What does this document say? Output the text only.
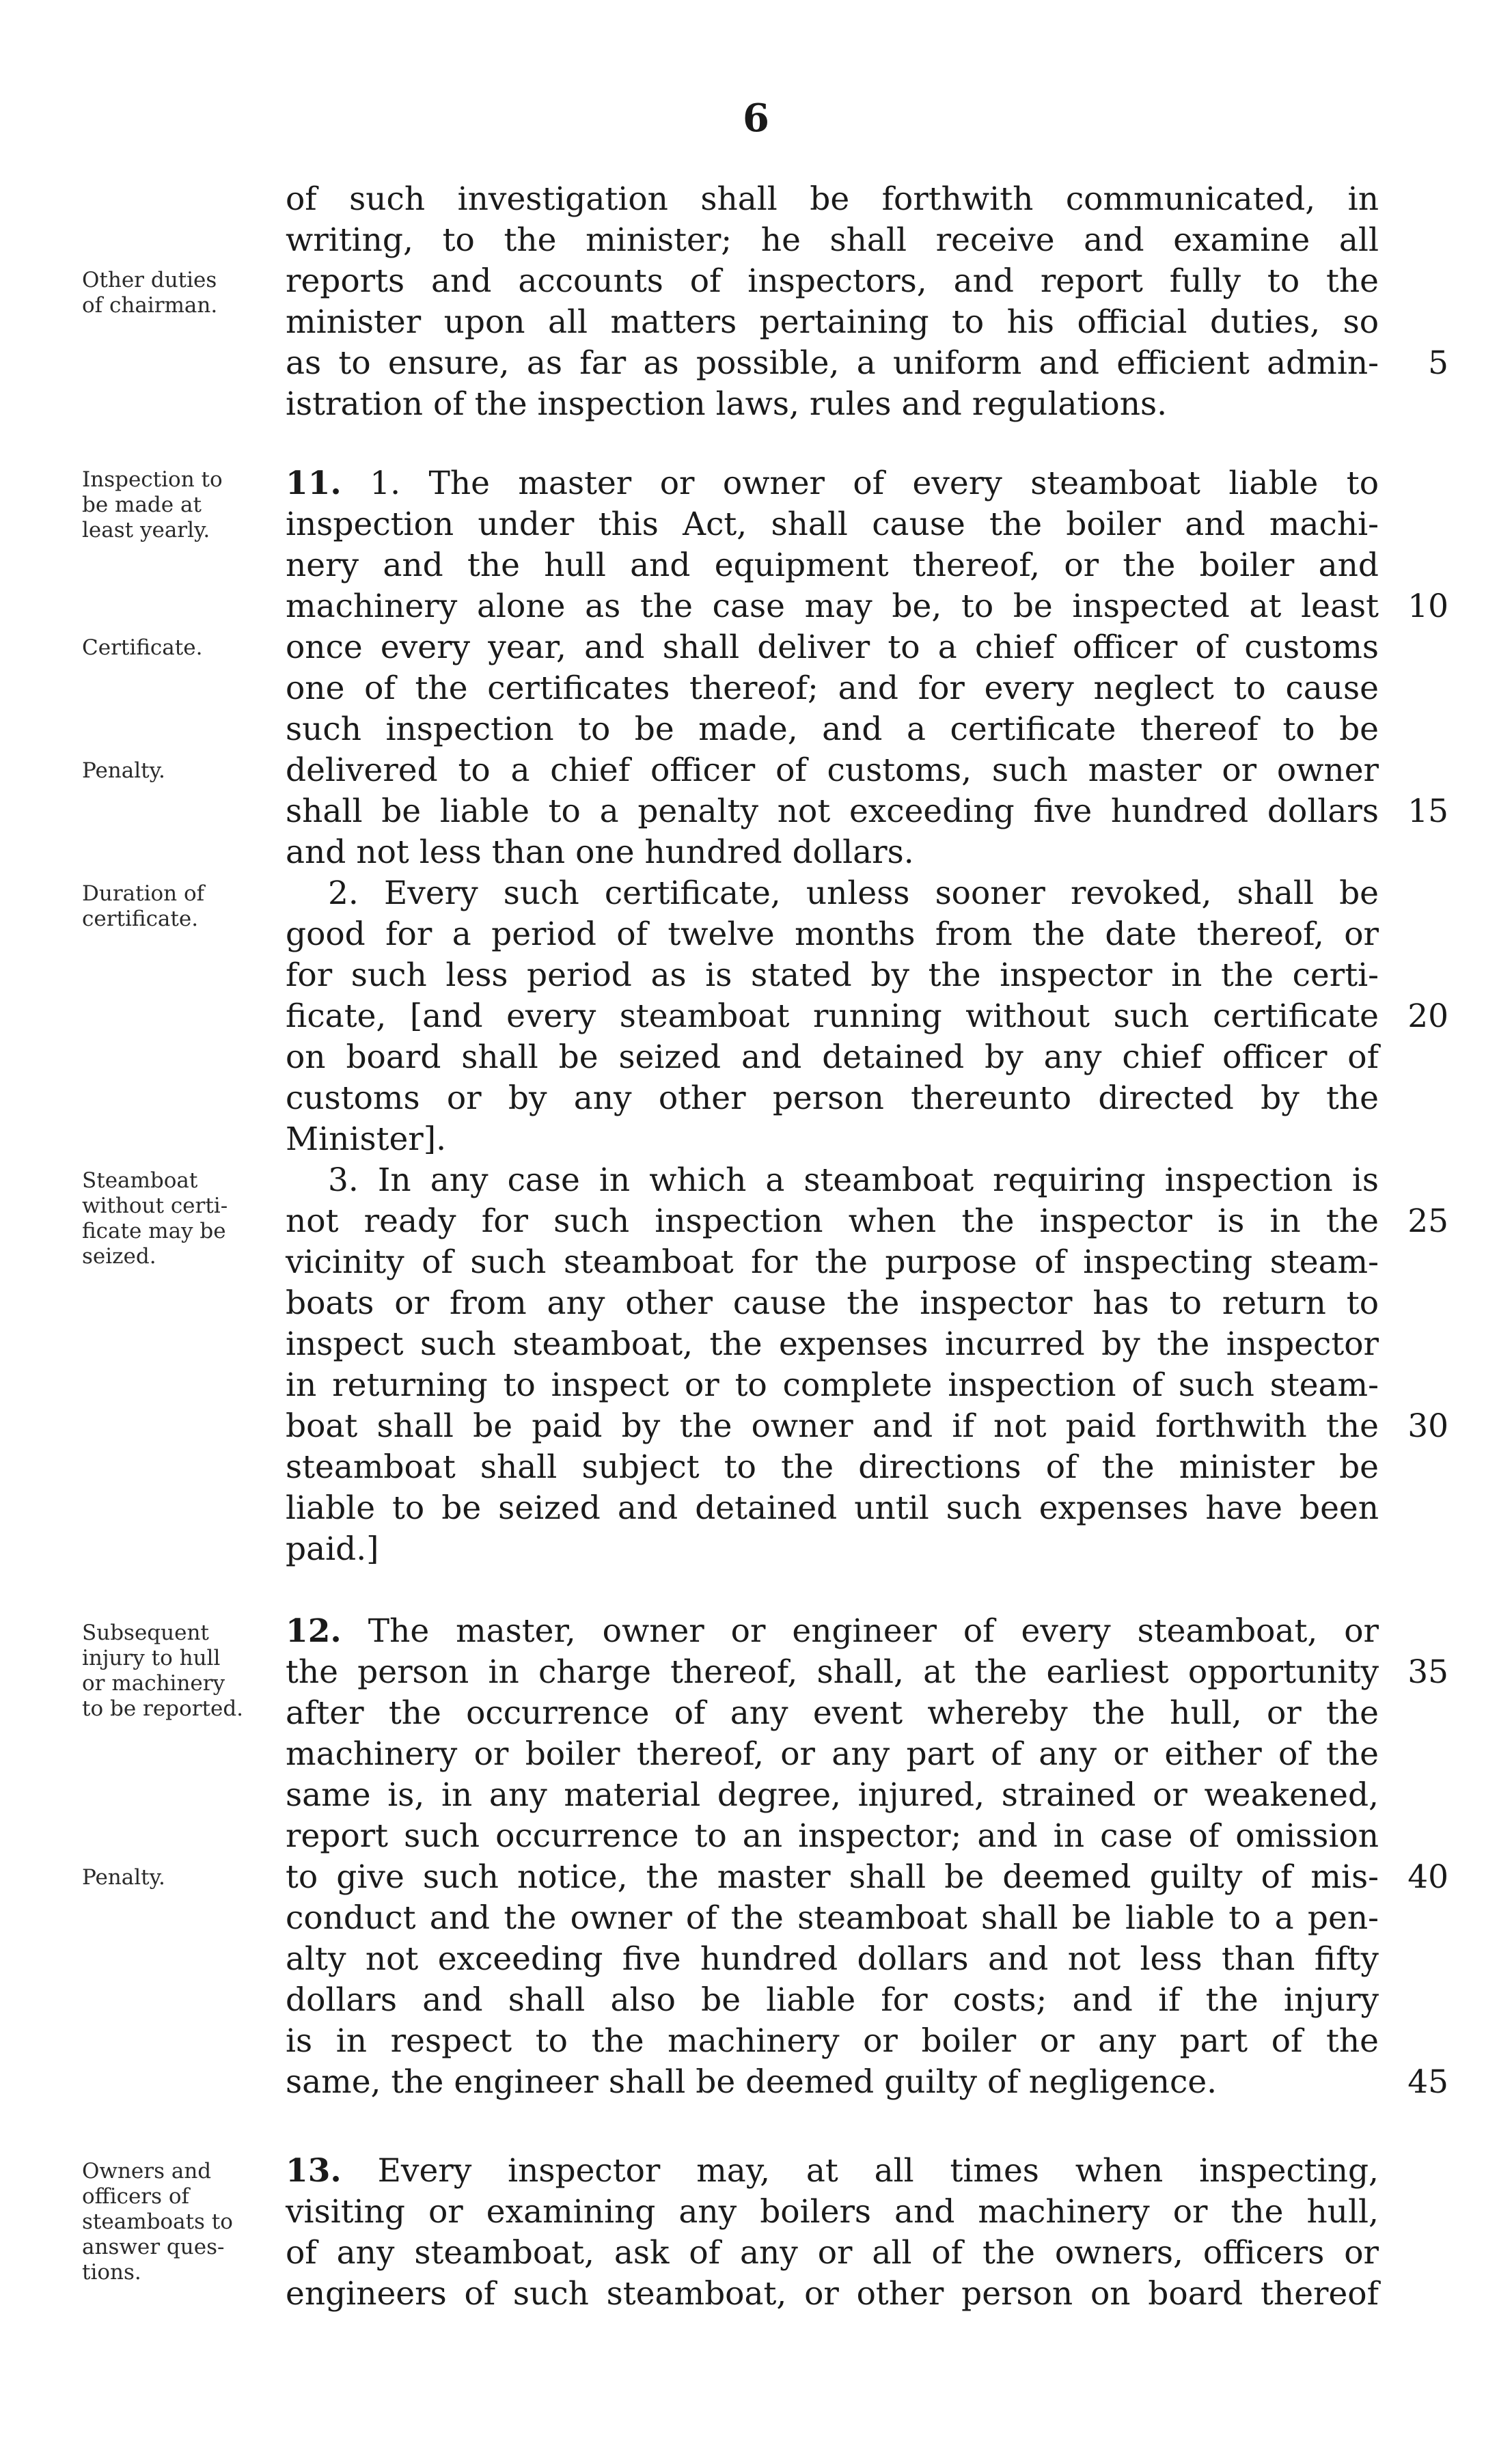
6
of such investigation shall be forthwith communicated, in
writing, to the minister; he shall receive and examine all
reports and accounts of inspectors, and report fully to the
minister upon all matters pertaining to his official duties, so
as to ensure, as far as possible, a uniform and efficient admin-
istration of the inspection laws, rules and regulations.
11. 1. The master or owner of every steamboat liable to
inspection under this Act, shall cause the boiler and machi-
nery and the hull and equipment thereof, or the boiler and
machinery alone as the case may be, to be inspected at least
once every year, and shall deliver to a chief officer of customs
one of the certificates thereof; and for every neglect to cause
such inspection to be made, and a certificate thereof to be
delivered to a chief officer of customs, such master or owner
shall be liable to a penalty not exceeding five hundred dollars
and not less than one hundred dollars.
2. Every such certificate, unless sooner revoked, shall be
good for a period of twelve months from the date thereof, or
for such less period as is stated by the inspector in the certi-
ficate, [and every steamboat running without such certificate
on board shall be seized and detained by any chief officer of
customs or by any other person thereunto directed by the
Minister].
3. In any case in which a steamboat requiring inspection is
not ready for such inspection when the inspector is in the
vicinity of such steamboat for the purpose of inspecting steam-
boats or from any other cause the inspector has to return to
inspect such steamboat, the expenses incurred by the inspector
in returning to inspect or to complete inspection of such steam-
boat shall be paid by the owner and if not paid forthwith the
steamboat shall subject to the directions of the minister be
liable to be seized and detained until such expenses have been
paid.]
12. The master, owner or engineer of every steamboat, or
the person in charge thereof, shall, at the earliest opportunity
after the occurrence of any event whereby the hull, or the
machinery or boiler thereof, or any part of any or either of the
same is, in any material degree, injured, strained or weakened,
report such occurrence to an inspector; and in case of omission
to give such notice, the master shall be deemed guilty of mis-
conduct and the owner of the steamboat shall be liable to a pen-
alty not exceeding five hundred dollars and not less than fifty
dollars and shall also be liable for costs; and if the injury
is in respect to the machinery or boiler or any part of the
same, the engineer shall be deemed guilty of negligence.
13. Every inspector may, at all times when inspecting,
visiting or examining any boilers and machinery or the hull,
of any steamboat, ask of any or all of the owners, officers or
engineers of such steamboat, or other person on board thereof
5
10
15
20
25
30
35
40
45
Other duties
of chairman.
Inspection to
be made at
least yearly.
Certificate.
Penalty.
Duration of
certificate.
Steamboat
without certi-
ficate may be
seized.
Subsequent
injury to hull
or machinery
to be reported.
Penalty.
Owners and
officers of
steamboats to
answer ques-
tions.
